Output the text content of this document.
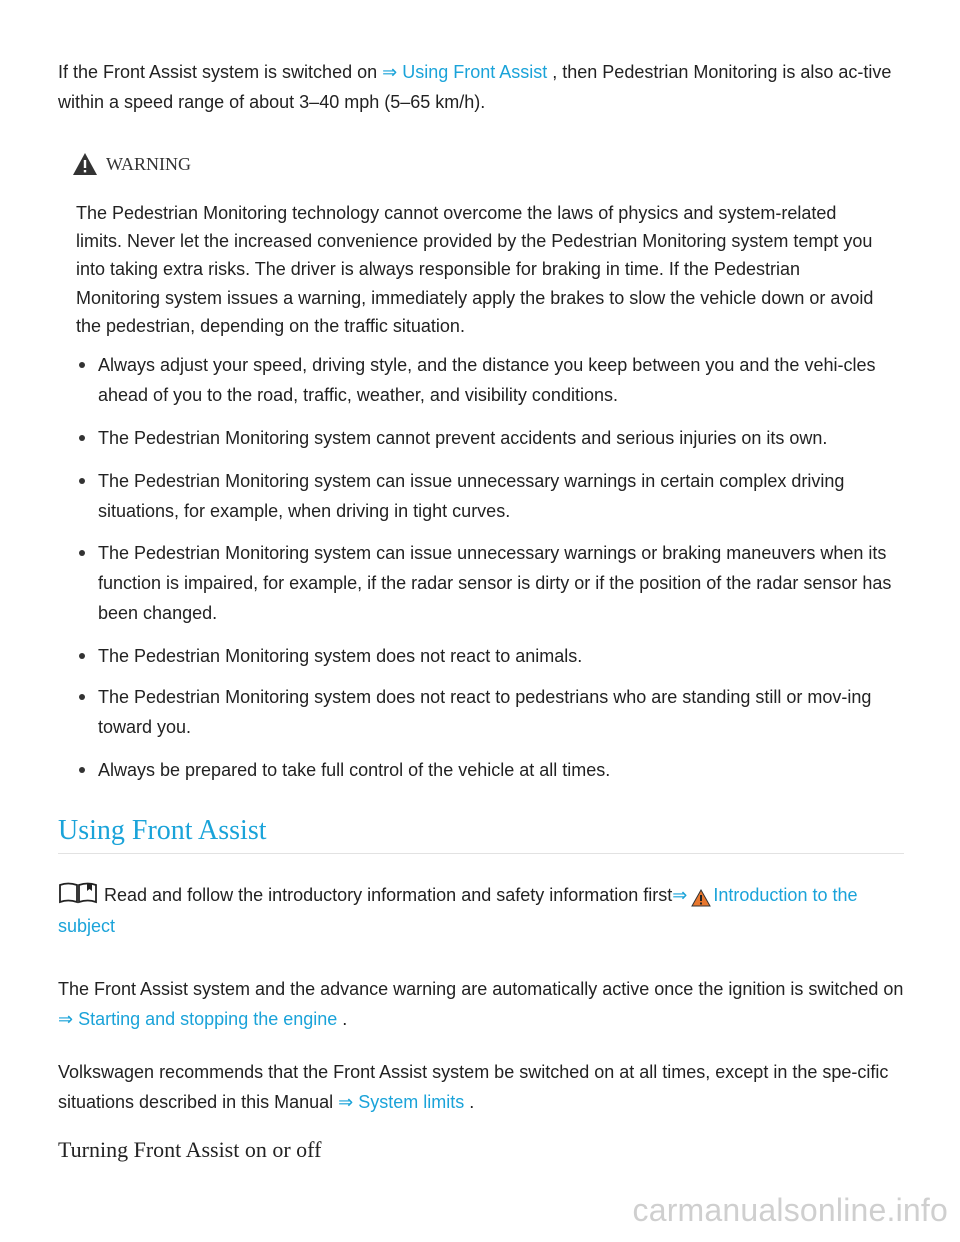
If the Front Assist system is switched on ⇒ Using Front Assist , then Pedestrian Monitoring is also ac-tive within a speed range of about 3–40 mph (5–65 km/h).

WARNING

The Pedestrian Monitoring technology cannot overcome the laws of physics and system-related limits. Never let the increased convenience provided by the Pedestrian Monitoring system tempt you into taking extra risks. The driver is always responsible for braking in time. If the Pedestrian Monitoring system issues a warning, immediately apply the brakes to slow the vehicle down or avoid the pedestrian, depending on the traffic situation.

Always adjust your speed, driving style, and the distance you keep between you and the vehi-cles ahead of you to the road, traffic, weather, and visibility conditions.
The Pedestrian Monitoring system cannot prevent accidents and serious injuries on its own.
The Pedestrian Monitoring system can issue unnecessary warnings in certain complex driving situations, for example, when driving in tight curves.
The Pedestrian Monitoring system can issue unnecessary warnings or braking maneuvers when its function is impaired, for example, if the radar sensor is dirty or if the position of the radar sensor has been changed.
The Pedestrian Monitoring system does not react to animals.
The Pedestrian Monitoring system does not react to pedestrians who are standing still or mov-ing toward you.
Always be prepared to take full control of the vehicle at all times.
Using Front Assist

Read and follow the introductory information and safety information first⇒ Introduction to the subject

The Front Assist system and the advance warning are automatically active once the ignition is switched on ⇒ Starting and stopping the engine .

Volkswagen recommends that the Front Assist system be switched on at all times, except in the spe-cific situations described in this Manual ⇒ System limits .

Turning Front Assist on or off
carmanualsonline.info
